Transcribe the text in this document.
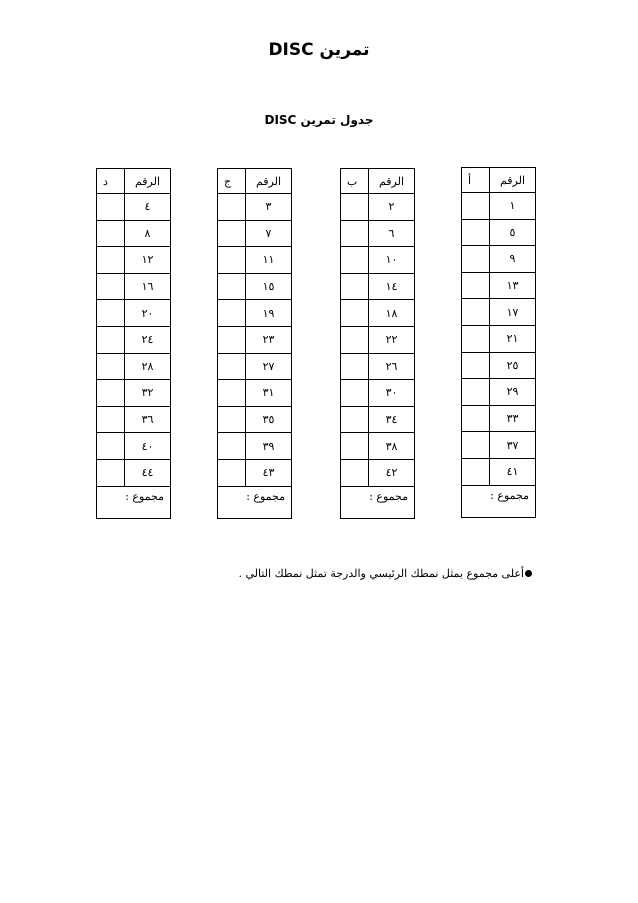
تمرين DISC
جدول تمرين DISC
الرقم	أ
١	
٥	
٩	
١٣	
١٧	
٢١	
٢٥	
٢٩	
٣٣	
٣٧	
٤١	
مجموع :	
الرقم	ب
٢	
٦	
١٠	
١٤	
١٨	
٢٢	
٢٦	
٣٠	
٣٤	
٣٨	
٤٢	
مجموع :	
الرقم	ج
٣	
٧	
١١	
١٥	
١٩	
٢٣	
٢٧	
٣١	
٣٥	
٣٩	
٤٣	
مجموع :	
الرقم	د
٤	
٨	
١٢	
١٦	
٢٠	
٢٤	
٢٨	
٣٢	
٣٦	
٤٠	
٤٤	
مجموع :	
أعلى مجموع يمثل نمطك الرئيسي والدرجة تمثل نمطك التالي .
